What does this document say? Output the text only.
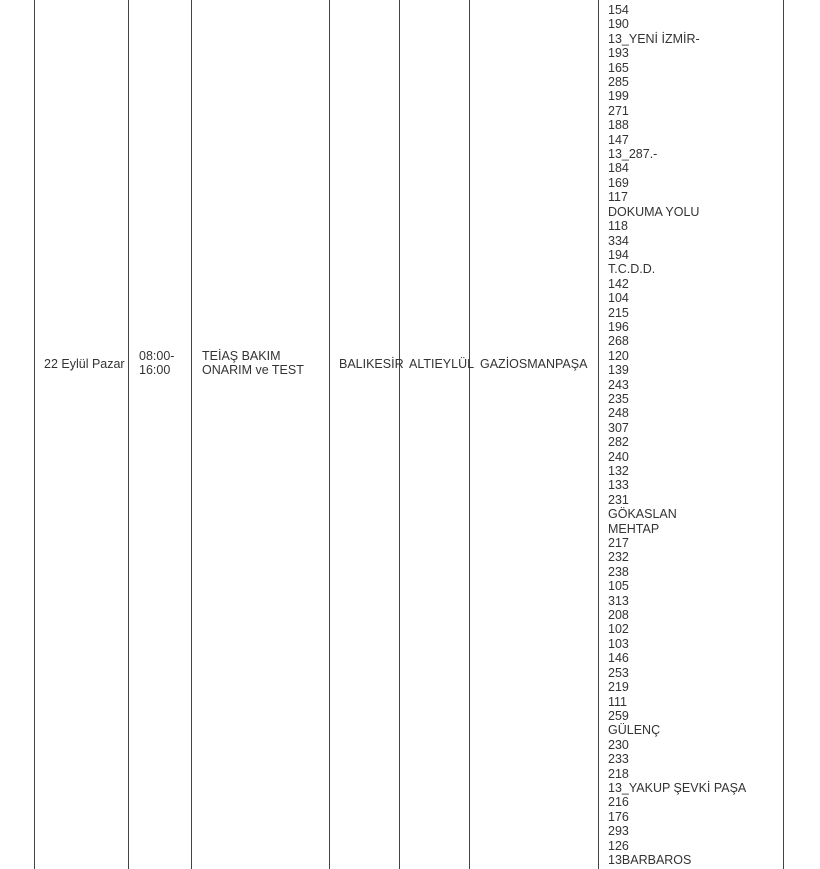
22 Eylül Pazar
08:00-16:00
TEİAŞ BAKIM ONARIM ve TEST	BALIKESİR ALTIEYLÜL GAZİOSMANPAŞA
154
190
13_YENİ İZMİR-
193
165
285
199
271
188
147
13_287.-
184
169
117
DOKUMA YOLU
118
334
194
T.C.D.D.
142
104
215
196
268
120
139
243
235
248
307
282
240
132
133
231
GÖKASLAN
MEHTAP
217
232
238
105
313
208
102
103
146
253
219
111
259
GÜLENÇ
230
233
218
13_YAKUP ŞEVKİ PAŞA
216
176
293
126
13BARBAROS
